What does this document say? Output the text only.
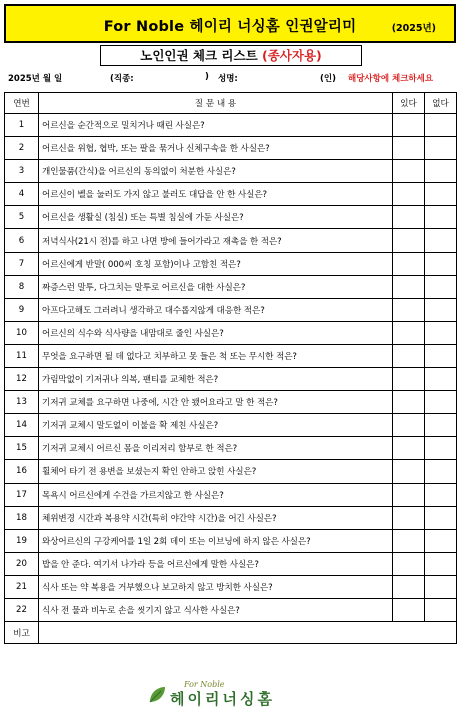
For Noble 헤이리 너싱홈 인권알리미	(2025년)
노인인권 체크 리스트 (종사자용)
2025년 월 일	(직종:	) 성명:	(인) 해당사항에 체크하세요
연번	질 문 내 용	있다	없다
1	어르신을 순간적으로 밀치거나 때린 사실은?		
2	어르신을 위협, 협박, 또는 팔을 묶거나 신체구속을 한 사실은?		
3	개인물품(간식)을 어르신의 동의없이 처분한 사실은?		
4	어르신이 벨을 눌러도 가지 않고 불러도 대답을 안 한 사실은?		
5	어르신을 생활실 (침실) 또는 특별 침실에 가둔 사실은?		
6	저녁식사(21시 전)를 하고 나면 방에 들어가라고 재촉을 한 적은?		
7	어르신에게 반말( 000씨 호칭 포함)이나 고함친 적은?		
8	짜증스런 말투, 다그치는 말투로 어르신을 대한 사실은?		
9	아프다고해도 그러려니 생각하고 대수롭지않게 대응한 적은?		
10	어르신의 식수와 식사량을 내맘대로 줄인 사실은?		
11	무엇을 요구하면 될 데 없다고 치부하고 못 들은 척 또는 무시한 적은?		
12	가림막없이 기저귀나 의복, 팬티를 교체한 적은?		
13	기저귀 교체를 요구하면 나중에, 시간 안 됐어요라고 말 한 적은?		
14	기저귀 교체시 말도없이 이불을 확 제친 사실은?		
15	기저귀 교체시 어르신 몸을 이리저리 함부로 한 적은?		
16	휠체어 타기 전 용변을 보셨는지 확인 안하고 앉힌 사실은?		
17	목욕시 어르신에게 수건을 가르지않고 한 사실은?		
18	체위변경 시간과 복용약 시간(특히 야간약 시간)을 어긴 사실은?		
19	와상어르신의 구강케어를 1일 2회 데이 또는 이브닝에 하지 않은 사실은?		
20	밥을 안 준다. 여기서 나가라 등을 어르신에게 말한 사실은?		
21	식사 또는 약 복용을 거부했으나 보고하지 않고 방치한 사실은?		
22	식사 전 물과 비누로 손을 씻기지 않고 식사한 사실은?		
비고			
For Noble
헤이리너싱홈
